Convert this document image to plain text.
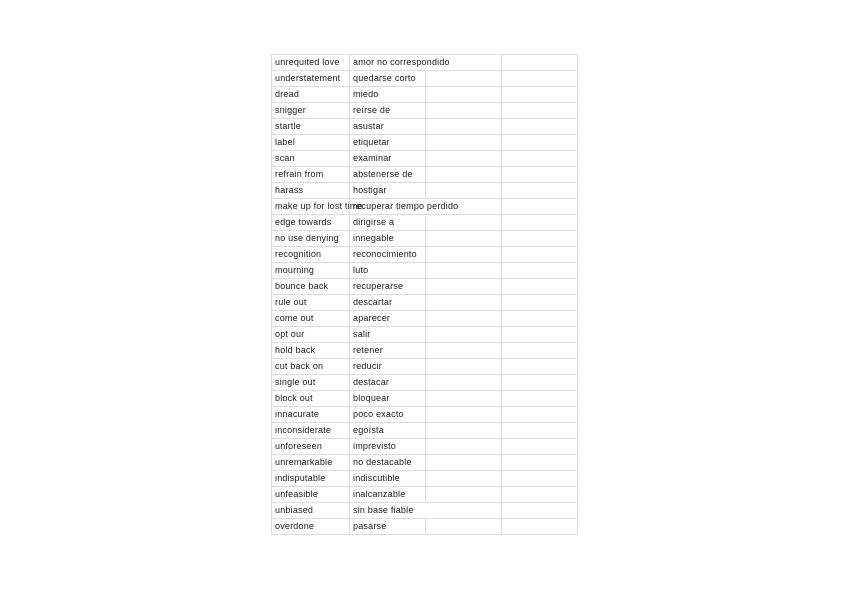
unrequited love	amor no correspondido		

understatement	quedarse corto		

dread	miedo		

snigger	reírse de		

startle	asustar		

label	etiquetar		

scan	examinar		

refrain from	abstenerse de		

harass	hostigar		

make up for lost time	recuperar tiempo perdido		

edge towards	dirigirse a		

no use denying	innegable		

recognition	reconocimiento		

mourning	luto		

bounce back	recuperarse		

rule out	descartar		

come out	aparecer		

opt our	salir		

hold back	retener		

cut back on	reducir		

single out	destacar		

block out	bloquear		

innacurate	poco exacto		

inconsiderate	egoísta		

unforeseen	imprevisto		

unremarkable	no destacable		

indisputable	indiscutible		

unfeasible	inalcanzable		

unbiased	sin base fiable		

overdone	pasarse		
